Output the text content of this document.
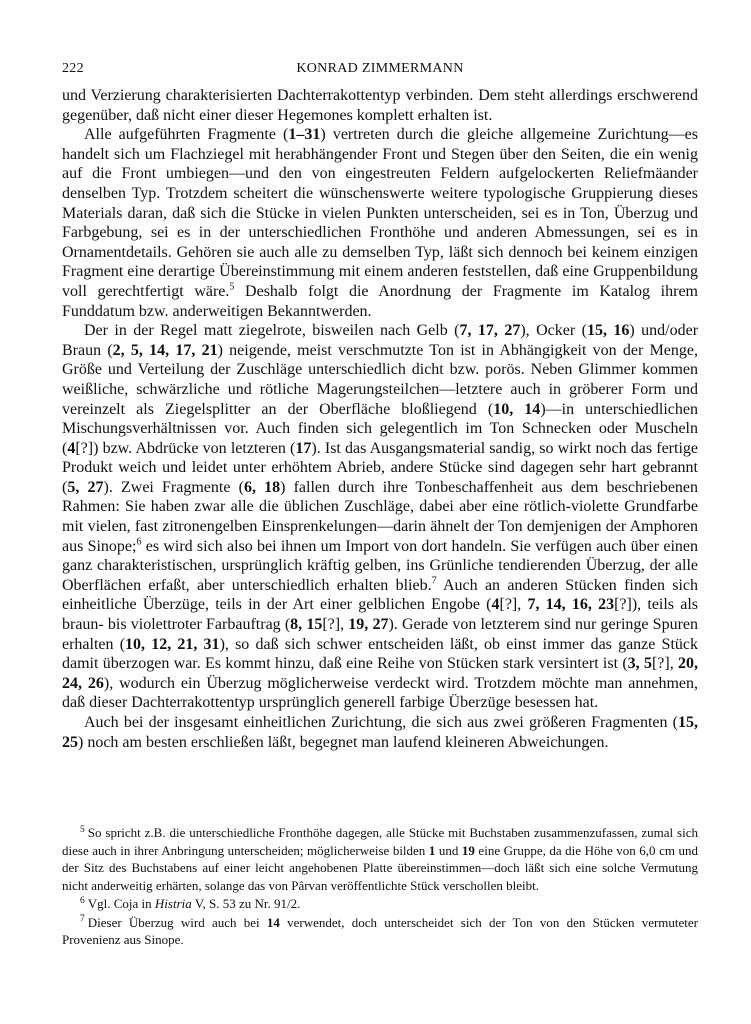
222	KONRAD ZIMMERMANN

und Verzierung charakterisierten Dachterrakottentyp verbinden. Dem steht allerdings erschwerend gegenüber, daß nicht einer dieser Hegemones komplett erhalten ist.

Alle aufgeführten Fragmente (1–31) vertreten durch die gleiche allgemeine Zurichtung—es handelt sich um Flachziegel mit herabhängender Front und Stegen über den Seiten, die ein wenig auf die Front umbiegen—und den von eingestreuten Feldern aufgelockerten Reliefmäander denselben Typ. Trotzdem scheitert die wünschenswerte weitere typologische Gruppierung dieses Materials daran, daß sich die Stücke in vielen Punkten unterscheiden, sei es in Ton, Überzug und Farbgebung, sei es in der unterschiedlichen Fronthöhe und anderen Abmessungen, sei es in Ornamentdetails. Gehören sie auch alle zu demselben Typ, läßt sich dennoch bei keinem einzigen Fragment eine derartige Übereinstimmung mit einem anderen feststellen, daß eine Gruppenbildung voll gerechtfertigt wäre.$^5$ Deshalb folgt die Anordnung der Fragmente im Katalog ihrem Funddatum bzw. anderweitigen Bekanntwerden.

Der in der Regel matt ziegelrote, bisweilen nach Gelb (7, 17, 27), Ocker (15, 16) und/oder Braun (2, 5, 14, 17, 21) neigende, meist verschmutzte Ton ist in Abhängigkeit von der Menge, Größe und Verteilung der Zuschläge unterschiedlich dicht bzw. porös. Neben Glimmer kommen weißliche, schwärzliche und rötliche Magerungsteilchen—letztere auch in gröberer Form und vereinzelt als Ziegelsplitter an der Oberfläche bloßliegend (10, 14)—in unterschiedlichen Mischungsverhältnissen vor. Auch finden sich gelegentlich im Ton Schnecken oder Muscheln (4[?]) bzw. Abdrücke von letzteren (17). Ist das Ausgangsmaterial sandig, so wirkt noch das fertige Produkt weich und leidet unter erhöhtem Abrieb, andere Stücke sind dagegen sehr hart gebrannt (5, 27). Zwei Fragmente (6, 18) fallen durch ihre Tonbeschaffenheit aus dem beschriebenen Rahmen: Sie haben zwar alle die üblichen Zuschläge, dabei aber eine rötlich-violette Grundfarbe mit vielen, fast zitronengelben Einsprenkelungen—darin ähnelt der Ton demjenigen der Amphoren aus Sinope;$^6$ es wird sich also bei ihnen um Import von dort handeln. Sie verfügen auch über einen ganz charakteristischen, ursprünglich kräftig gelben, ins Grünliche tendierenden Überzug, der alle Oberflächen erfaßt, aber unterschiedlich erhalten blieb.$^7$ Auch an anderen Stücken finden sich einheitliche Überzüge, teils in der Art einer gelblichen Engobe (4[?], 7, 14, 16, 23[?]), teils als braun- bis violettroter Farbauftrag (8, 15[?], 19, 27). Gerade von letzterem sind nur geringe Spuren erhalten (10, 12, 21, 31), so daß sich schwer entscheiden läßt, ob einst immer das ganze Stück damit überzogen war. Es kommt hinzu, daß eine Reihe von Stücken stark versintert ist (3, 5[?], 20, 24, 26), wodurch ein Überzug möglicherweise verdeckt wird. Trotzdem möchte man annehmen, daß dieser Dachterrakottentyp ursprünglich generell farbige Überzüge besessen hat.

Auch bei der insgesamt einheitlichen Zurichtung, die sich aus zwei größeren Fragmenten (15, 25) noch am besten erschließen läßt, begegnet man laufend kleineren Abweichungen.

$^5$ So spricht z.B. die unterschiedliche Fronthöhe dagegen, alle Stücke mit Buchstaben zusammenzufassen, zumal sich diese auch in ihrer Anbringung unterscheiden; möglicherweise bilden 1 und 19 eine Gruppe, da die Höhe von 6,0 cm und der Sitz des Buchstabens auf einer leicht angehobenen Platte übereinstimmen—doch läßt sich eine solche Vermutung nicht anderweitig erhärten, solange das von Pârvan veröffentlichte Stück verschollen bleibt.

$^6$ Vgl. Coja in Histria V, S. 53 zu Nr. 91/2.

$^7$ Dieser Überzug wird auch bei 14 verwendet, doch unterscheidet sich der Ton von den Stücken vermuteter Provenienz aus Sinope.
